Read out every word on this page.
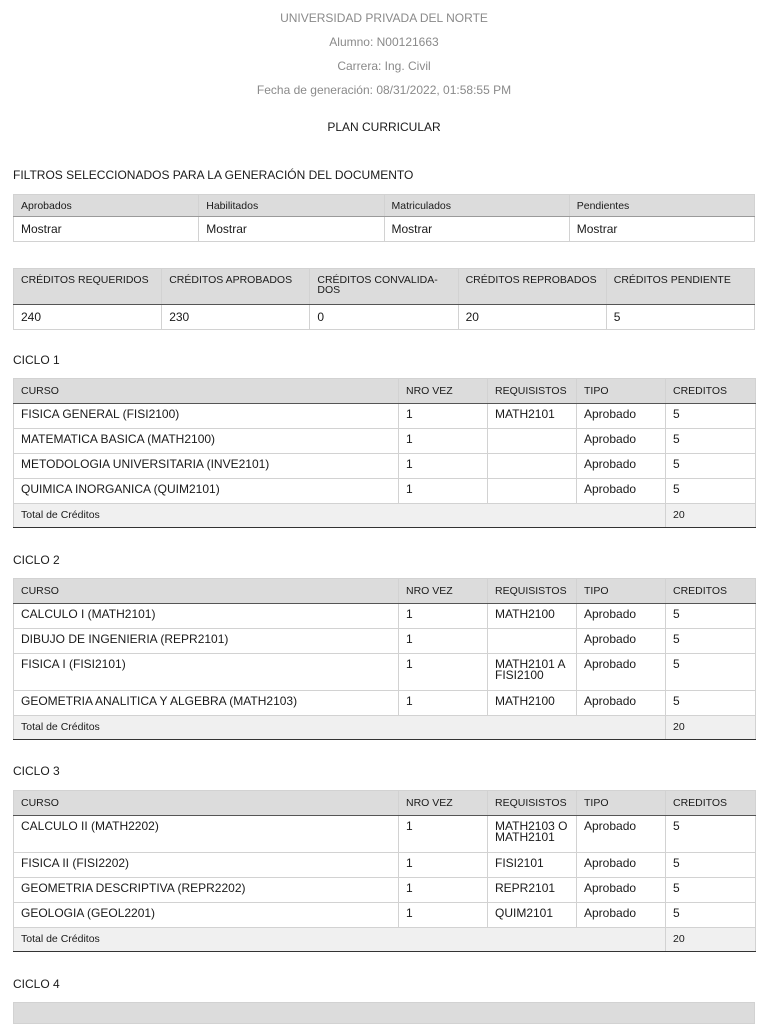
UNIVERSIDAD PRIVADA DEL NORTE
Alumno: N00121663
Carrera: Ing. Civil
Fecha de generación: 08/31/2022, 01:58:55 PM
PLAN CURRICULAR
FILTROS SELECCIONADOS PARA LA GENERACIÓN DEL DOCUMENTO
Aprobados	Habilitados	Matriculados	Pendientes
Mostrar	Mostrar	Mostrar	Mostrar
CRÉDITOS REQUERIDOS	CRÉDITOS APROBADOS	CRÉDITOS CONVALIDA-DOS	CRÉDITOS REPROBADOS	CRÉDITOS PENDIENTE
240	230	0	20	5
CICLO 1
CURSO	NRO VEZ	REQUISISTOS	TIPO	CREDITOS
FISICA GENERAL (FISI2100)	1	MATH2101	Aprobado	5
MATEMATICA BASICA (MATH2100)	1		Aprobado	5
METODOLOGIA UNIVERSITARIA (INVE2101)	1		Aprobado	5
QUIMICA INORGANICA (QUIM2101)	1		Aprobado	5
Total de Créditos				20
CICLO 2
CURSO	NRO VEZ	REQUISISTOS	TIPO	CREDITOS
CALCULO I (MATH2101)	1	MATH2100	Aprobado	5
DIBUJO DE INGENIERIA (REPR2101)	1		Aprobado	5
FISICA I (FISI2101)	1	MATH2101 A FISI2100	Aprobado	5
GEOMETRIA ANALITICA Y ALGEBRA (MATH2103)	1	MATH2100	Aprobado	5
Total de Créditos				20
CICLO 3
CURSO	NRO VEZ	REQUISISTOS	TIPO	CREDITOS
CALCULO II (MATH2202)	1	MATH2103 O MATH2101	Aprobado	5
FISICA II (FISI2202)	1	FISI2101	Aprobado	5
GEOMETRIA DESCRIPTIVA (REPR2202)	1	REPR2101	Aprobado	5
GEOLOGIA (GEOL2201)	1	QUIM2101	Aprobado	5
Total de Créditos				20
CICLO 4
